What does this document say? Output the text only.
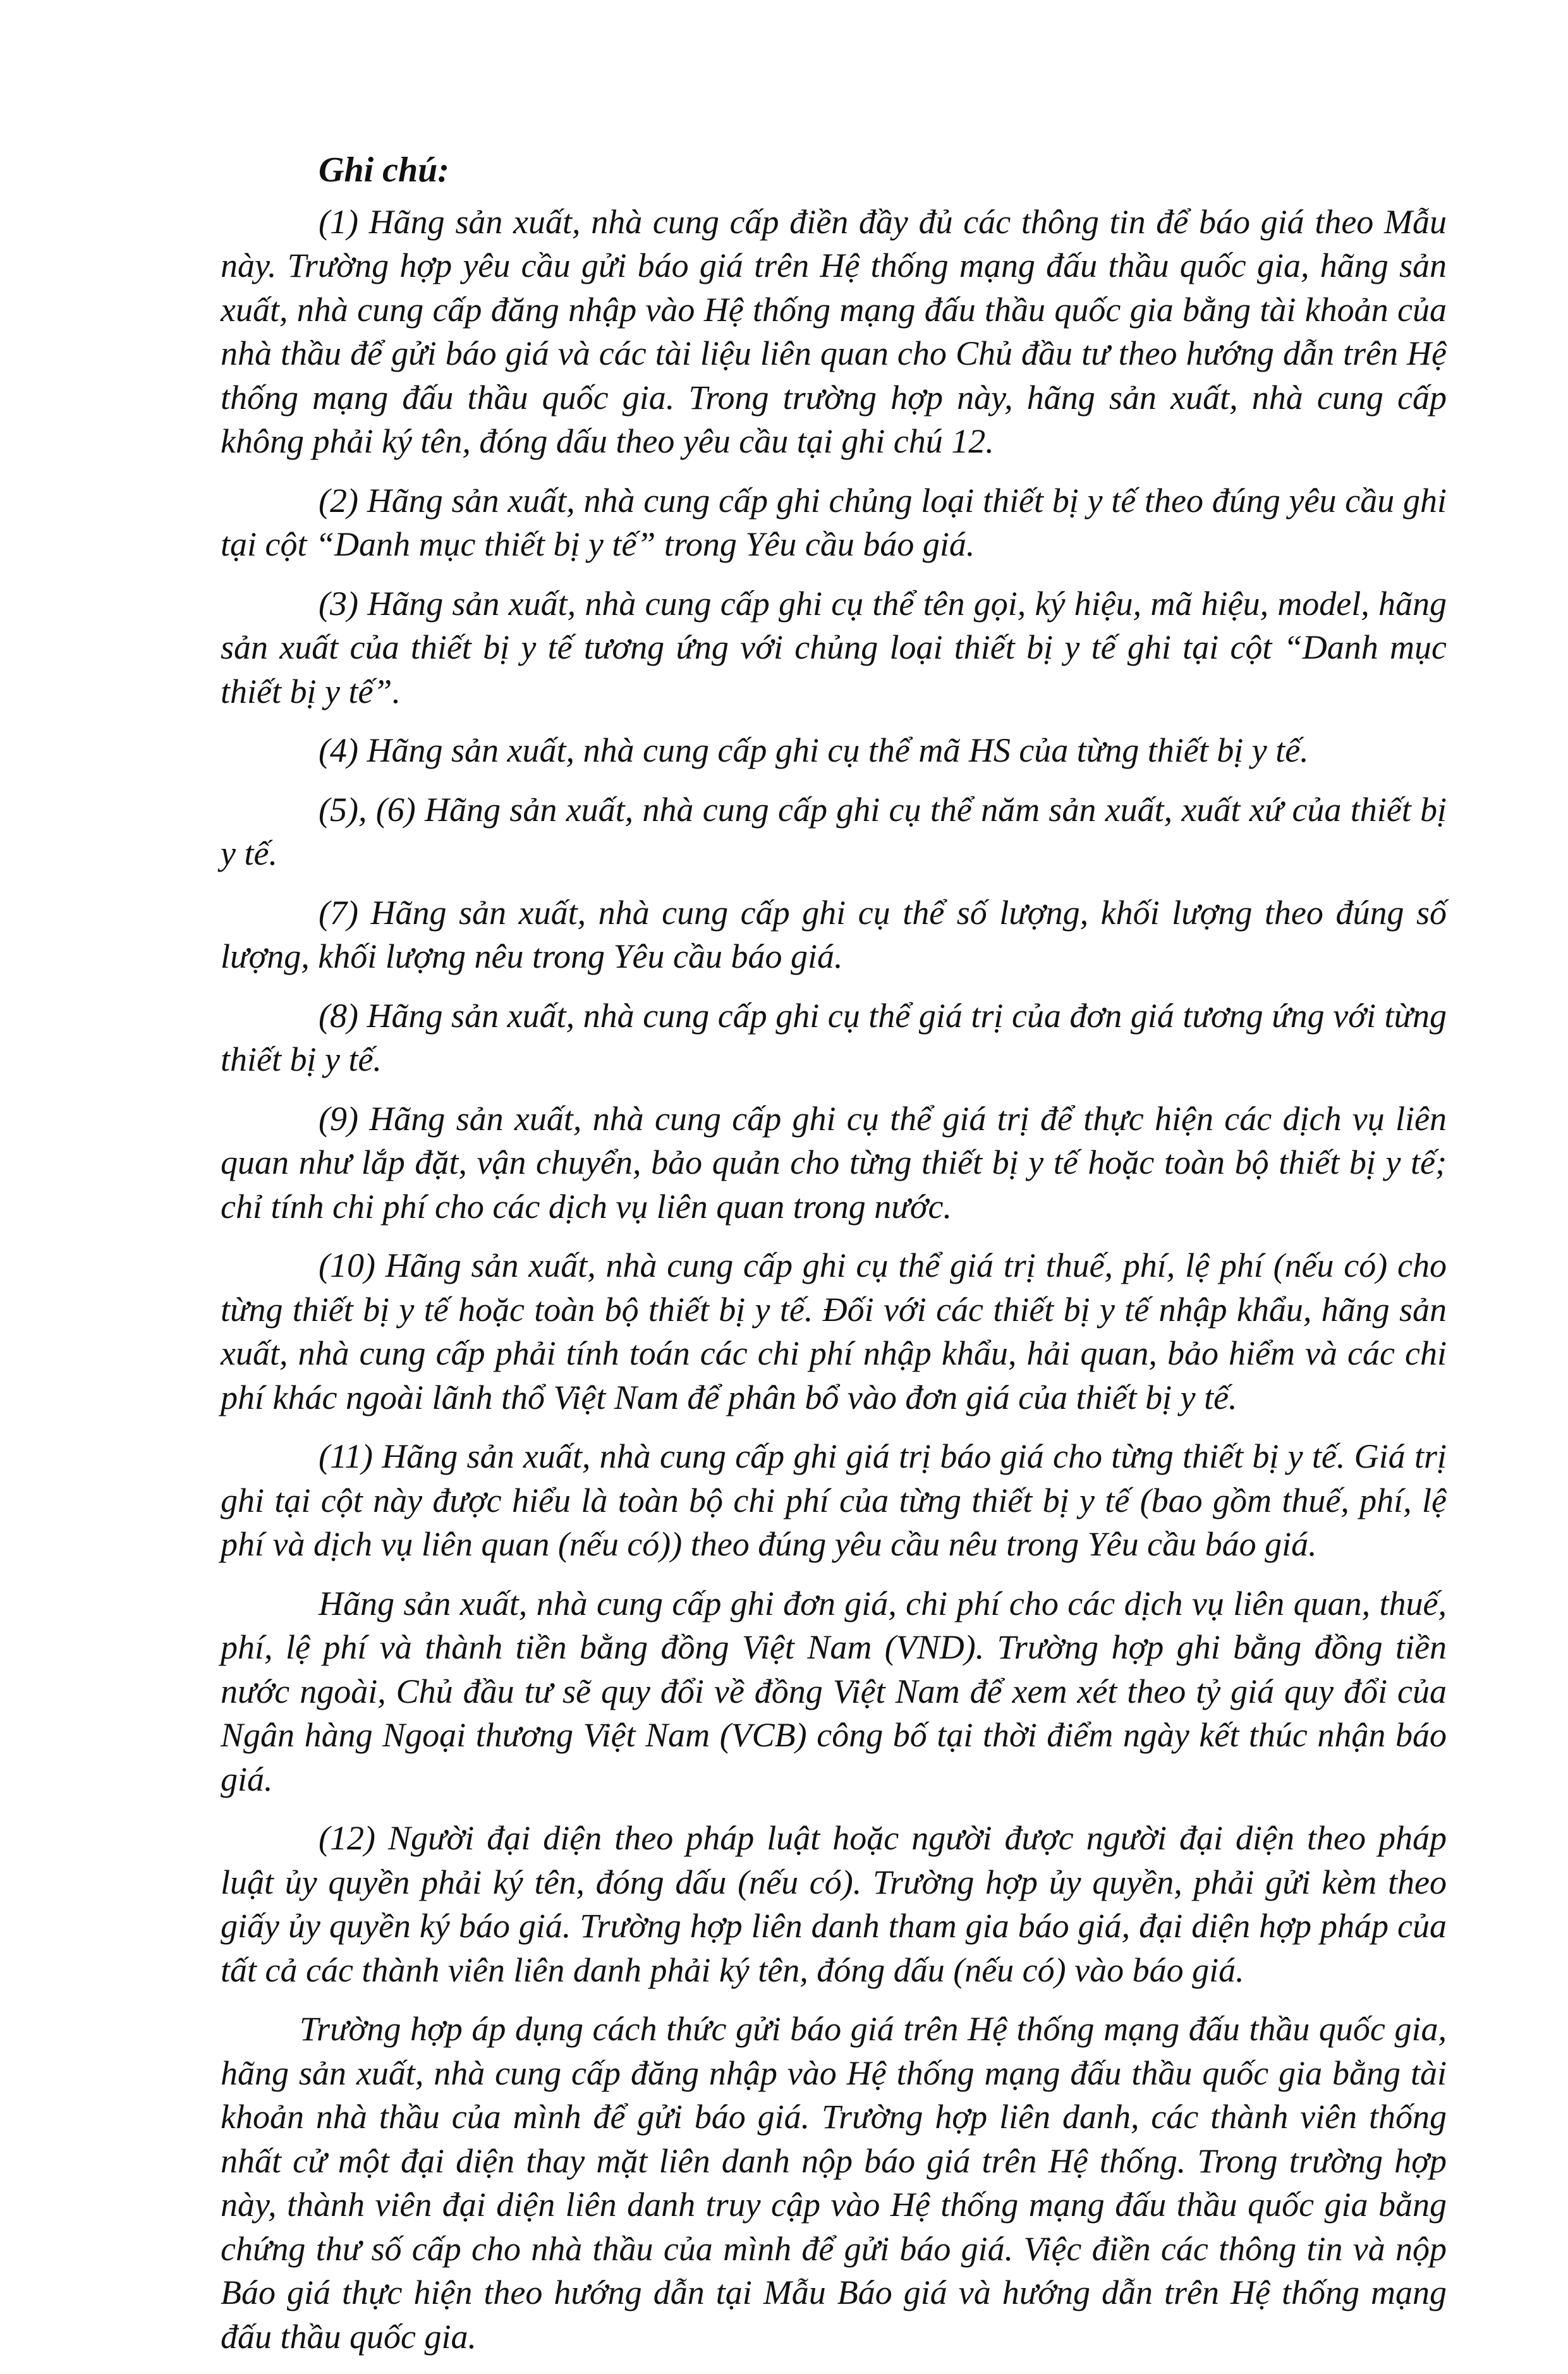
Ghi chú:

(1) Hãng sản xuất, nhà cung cấp điền đầy đủ các thông tin để báo giá theo Mẫu này. Trường hợp yêu cầu gửi báo giá trên Hệ thống mạng đấu thầu quốc gia, hãng sản xuất, nhà cung cấp đăng nhập vào Hệ thống mạng đấu thầu quốc gia bằng tài khoản của nhà thầu để gửi báo giá và các tài liệu liên quan cho Chủ đầu tư theo hướng dẫn trên Hệ thống mạng đấu thầu quốc gia. Trong trường hợp này, hãng sản xuất, nhà cung cấp không phải ký tên, đóng dấu theo yêu cầu tại ghi chú 12.

(2) Hãng sản xuất, nhà cung cấp ghi chủng loại thiết bị y tế theo đúng yêu cầu ghi tại cột “Danh mục thiết bị y tế” trong Yêu cầu báo giá.

(3) Hãng sản xuất, nhà cung cấp ghi cụ thể tên gọi, ký hiệu, mã hiệu, model, hãng sản xuất của thiết bị y tế tương ứng với chủng loại thiết bị y tế ghi tại cột “Danh mục thiết bị y tế”.

(4) Hãng sản xuất, nhà cung cấp ghi cụ thể mã HS của từng thiết bị y tế.

(5), (6) Hãng sản xuất, nhà cung cấp ghi cụ thể năm sản xuất, xuất xứ của thiết bị y tế.

(7) Hãng sản xuất, nhà cung cấp ghi cụ thể số lượng, khối lượng theo đúng số lượng, khối lượng nêu trong Yêu cầu báo giá.

(8) Hãng sản xuất, nhà cung cấp ghi cụ thể giá trị của đơn giá tương ứng với từng thiết bị y tế.

(9) Hãng sản xuất, nhà cung cấp ghi cụ thể giá trị để thực hiện các dịch vụ liên quan như lắp đặt, vận chuyển, bảo quản cho từng thiết bị y tế hoặc toàn bộ thiết bị y tế; chỉ tính chi phí cho các dịch vụ liên quan trong nước.

(10) Hãng sản xuất, nhà cung cấp ghi cụ thể giá trị thuế, phí, lệ phí (nếu có) cho từng thiết bị y tế hoặc toàn bộ thiết bị y tế. Đối với các thiết bị y tế nhập khẩu, hãng sản xuất, nhà cung cấp phải tính toán các chi phí nhập khẩu, hải quan, bảo hiểm và các chi phí khác ngoài lãnh thổ Việt Nam để phân bổ vào đơn giá của thiết bị y tế.

(11) Hãng sản xuất, nhà cung cấp ghi giá trị báo giá cho từng thiết bị y tế. Giá trị ghi tại cột này được hiểu là toàn bộ chi phí của từng thiết bị y tế (bao gồm thuế, phí, lệ phí và dịch vụ liên quan (nếu có)) theo đúng yêu cầu nêu trong Yêu cầu báo giá.

Hãng sản xuất, nhà cung cấp ghi đơn giá, chi phí cho các dịch vụ liên quan, thuế, phí, lệ phí và thành tiền bằng đồng Việt Nam (VND). Trường hợp ghi bằng đồng tiền nước ngoài, Chủ đầu tư sẽ quy đổi về đồng Việt Nam để xem xét theo tỷ giá quy đổi của Ngân hàng Ngoại thương Việt Nam (VCB) công bố tại thời điểm ngày kết thúc nhận báo giá.

(12) Người đại diện theo pháp luật hoặc người được người đại diện theo pháp luật ủy quyền phải ký tên, đóng dấu (nếu có). Trường hợp ủy quyền, phải gửi kèm theo giấy ủy quyền ký báo giá. Trường hợp liên danh tham gia báo giá, đại diện hợp pháp của tất cả các thành viên liên danh phải ký tên, đóng dấu (nếu có) vào báo giá.

Trường hợp áp dụng cách thức gửi báo giá trên Hệ thống mạng đấu thầu quốc gia, hãng sản xuất, nhà cung cấp đăng nhập vào Hệ thống mạng đấu thầu quốc gia bằng tài khoản nhà thầu của mình để gửi báo giá. Trường hợp liên danh, các thành viên thống nhất cử một đại diện thay mặt liên danh nộp báo giá trên Hệ thống. Trong trường hợp này, thành viên đại diện liên danh truy cập vào Hệ thống mạng đấu thầu quốc gia bằng chứng thư số cấp cho nhà thầu của mình để gửi báo giá. Việc điền các thông tin và nộp Báo giá thực hiện theo hướng dẫn tại Mẫu Báo giá và hướng dẫn trên Hệ thống mạng đấu thầu quốc gia.
